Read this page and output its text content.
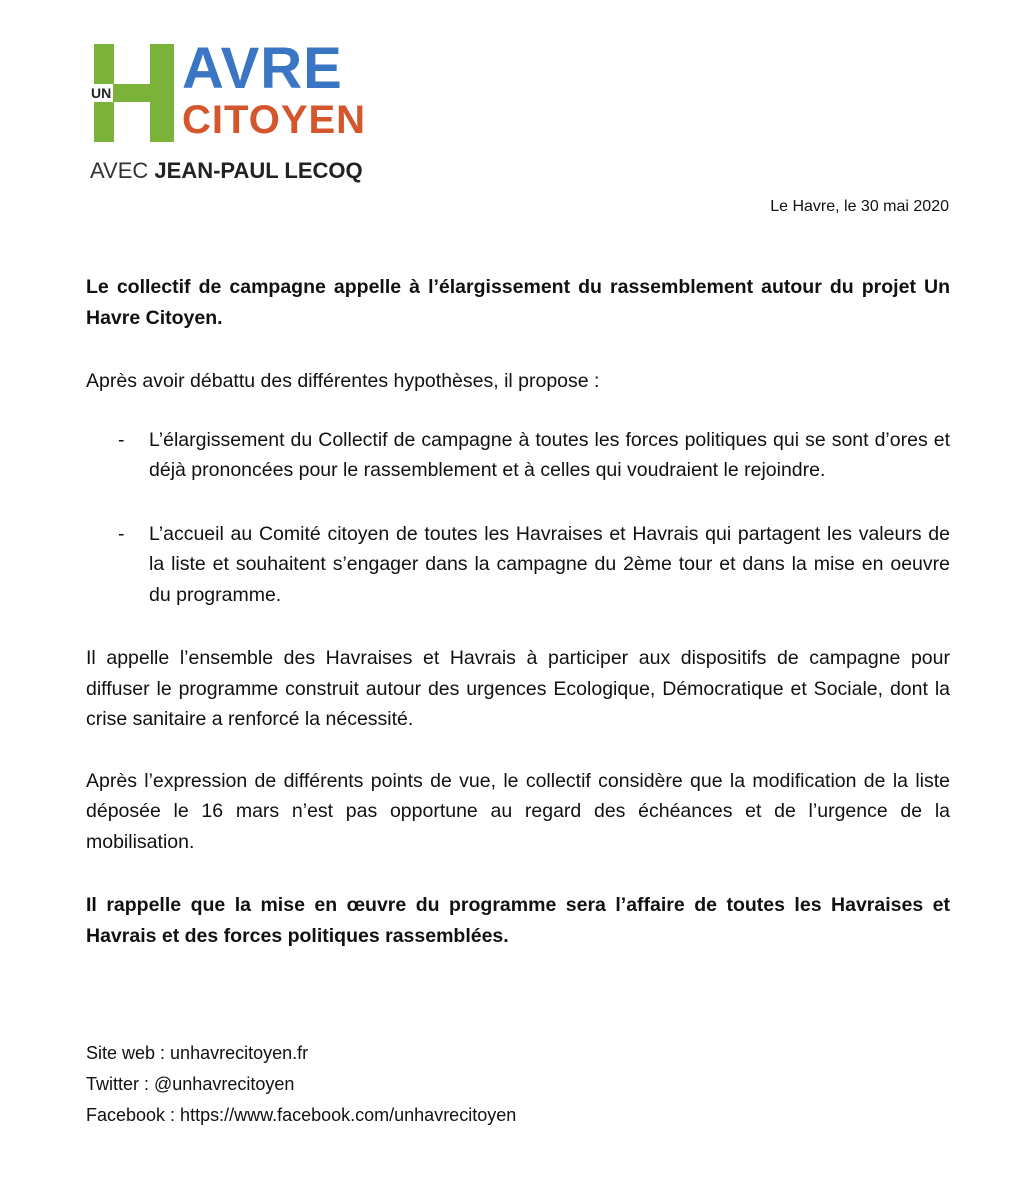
UN AVRE
CITOYEN
AVEC JEAN-PAUL LECOQ
Le Havre, le 30 mai 2020

Le collectif de campagne appelle à l’élargissement du rassemblement autour du projet Un Havre Citoyen.

Après avoir débattu des différentes hypothèses, il propose :

- L’élargissement du Collectif de campagne à toutes les forces politiques qui se sont d’ores et déjà prononcées pour le rassemblement et à celles qui voudraient le rejoindre.
- L’accueil au Comité citoyen de toutes les Havraises et Havrais qui partagent les valeurs de la liste et souhaitent s’engager dans la campagne du 2ème tour et dans la mise en oeuvre du programme.

Il appelle l’ensemble des Havraises et Havrais à participer aux dispositifs de campagne pour diffuser le programme construit autour des urgences Ecologique, Démocratique et Sociale, dont la crise sanitaire a renforcé la nécessité.

Après l’expression de différents points de vue, le collectif considère que la modification de la liste déposée le 16 mars n’est pas opportune au regard des échéances et de l’urgence de la mobilisation.

Il rappelle que la mise en œuvre du programme sera l’affaire de toutes les Havraises et Havrais et des forces politiques rassemblées.

Site web : unhavrecitoyen.fr
Twitter : @unhavrecitoyen
Facebook : https://www.facebook.com/unhavrecitoyen
